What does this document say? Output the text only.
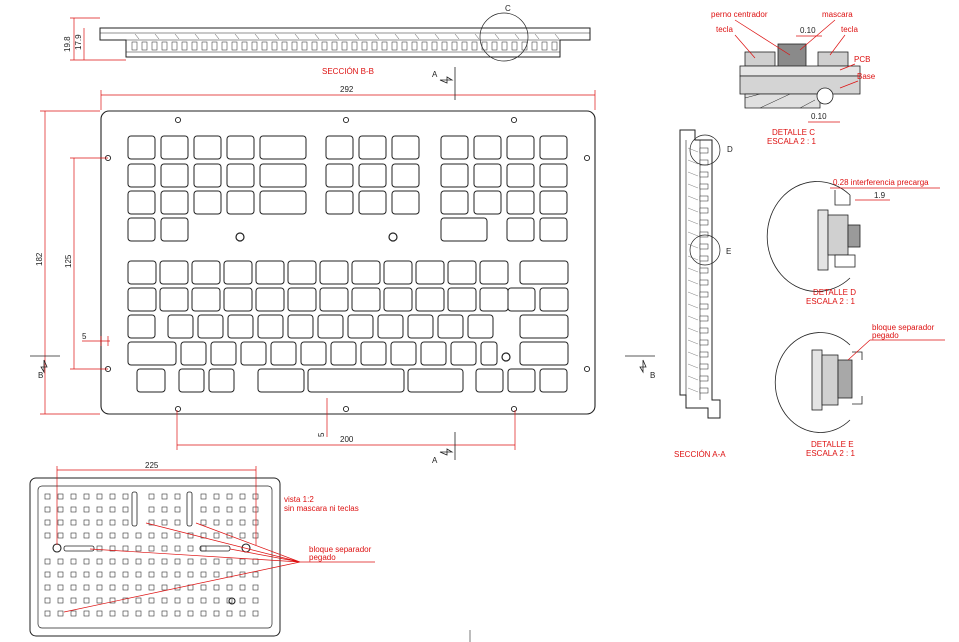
C
19.8 17.9
SECCIÓN B-B
292
182	125
5
5
200
A
A
B	B
D
E
SECCIÓN A-A
perno centrador	mascara
tecla	tecla
PCB
Base
0.10
0.10
DETALLE C
ESCALA 2 : 1
0.28 interferencia precarga
1.9
DETALLE D
ESCALA 2 : 1
bloque separador
pegado
DETALLE E
ESCALA 2 : 1
225
vista 1:2
sin mascara ni teclas
bloque separador
pegado
